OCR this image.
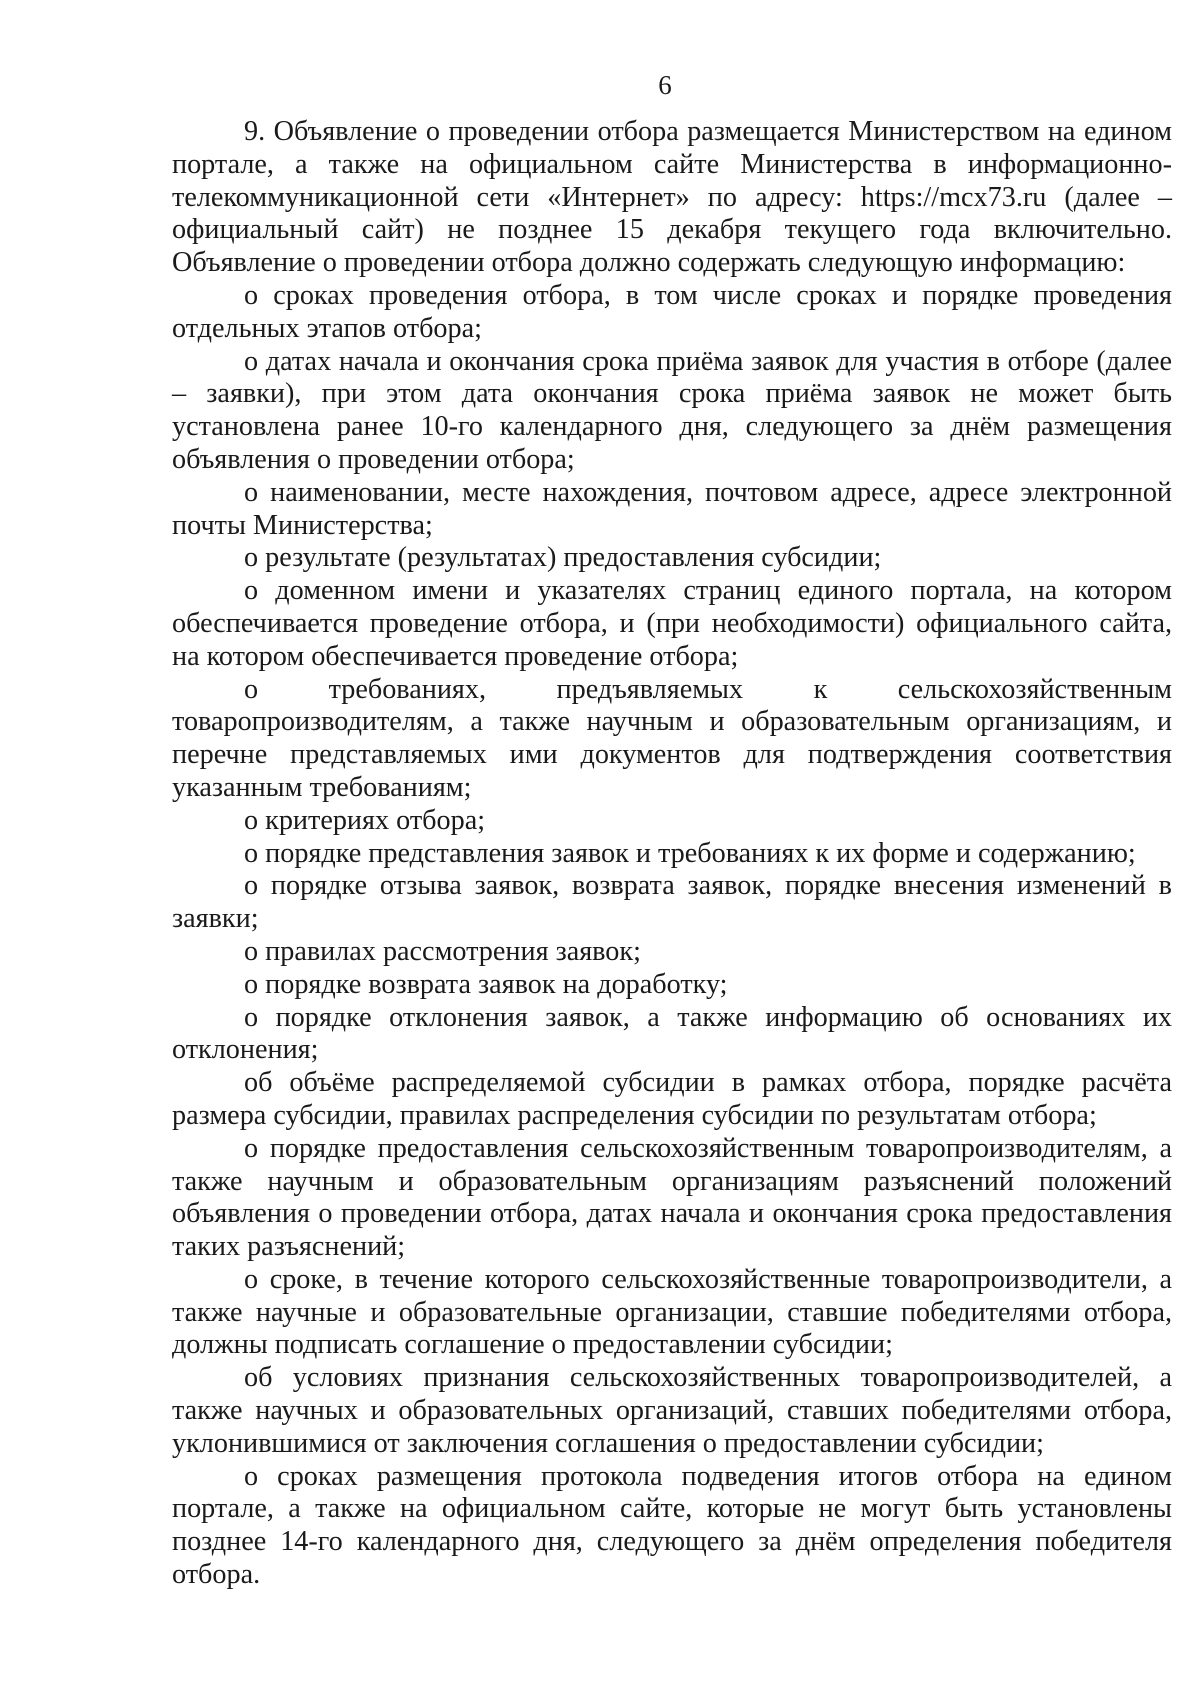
6

9. Объявление о проведении отбора размещается Министерством на едином портале, а также на официальном сайте Министерства в информационно-телекоммуникационной сети «Интернет» по адресу: https://mcx73.ru (далее – официальный сайт) не позднее 15 декабря текущего года включительно. Объявление о проведении отбора должно содержать следующую информацию:

о сроках проведения отбора, в том числе сроках и порядке проведения отдельных этапов отбора;

о датах начала и окончания срока приёма заявок для участия в отборе (далее – заявки), при этом дата окончания срока приёма заявок не может быть установлена ранее 10-го календарного дня, следующего за днём размещения объявления о проведении отбора;

о наименовании, месте нахождения, почтовом адресе, адресе электронной почты Министерства;

о результате (результатах) предоставления субсидии;

о доменном имени и указателях страниц единого портала, на котором обеспечивается проведение отбора, и (при необходимости) официального сайта, на котором обеспечивается проведение отбора;

о требованиях, предъявляемых к сельскохозяйственным товаропроизводителям, а также научным и образовательным организациям, и перечне представляемых ими документов для подтверждения соответствия указанным требованиям;

о критериях отбора;

о порядке представления заявок и требованиях к их форме и содержанию;

о порядке отзыва заявок, возврата заявок, порядке внесения изменений в заявки;

о правилах рассмотрения заявок;

о порядке возврата заявок на доработку;

о порядке отклонения заявок, а также информацию об основаниях их отклонения;

об объёме распределяемой субсидии в рамках отбора, порядке расчёта размера субсидии, правилах распределения субсидии по результатам отбора;

о порядке предоставления сельскохозяйственным товаропроизводителям, а также научным и образовательным организациям разъяснений положений объявления о проведении отбора, датах начала и окончания срока предоставления таких разъяснений;

о сроке, в течение которого сельскохозяйственные товаропроизводители, а также научные и образовательные организации, ставшие победителями отбора, должны подписать соглашение о предоставлении субсидии;

об условиях признания сельскохозяйственных товаропроизводителей, а также научных и образовательных организаций, ставших победителями отбора, уклонившимися от заключения соглашения о предоставлении субсидии;

о сроках размещения протокола подведения итогов отбора на едином портале, а также на официальном сайте, которые не могут быть установлены позднее 14-го календарного дня, следующего за днём определения победителя отбора.
